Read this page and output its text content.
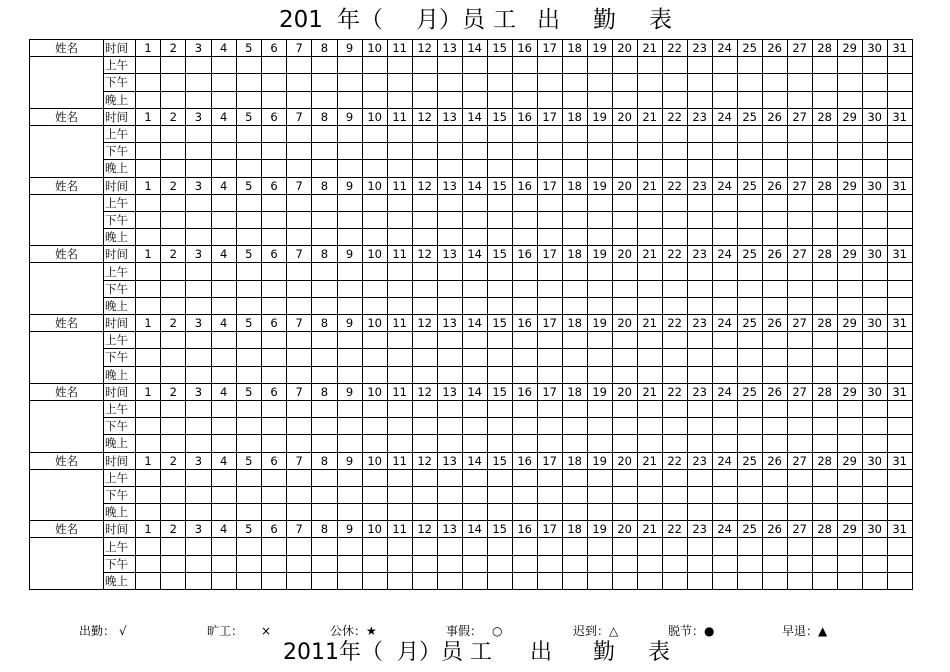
201 年（ 月）员 工 出 勤 表
姓名	时间	1	2	3	4	5	6	7	8	9	10	11	12	13	14	15	16	17	18	19	20	21	22	23	24	25	26	27	28	29	30	31
	上午																															
	下午																															
	晚上																															
姓名	时间	1	2	3	4	5	6	7	8	9	10	11	12	13	14	15	16	17	18	19	20	21	22	23	24	25	26	27	28	29	30	31
	上午																															
	下午																															
	晚上																															
姓名	时间	1	2	3	4	5	6	7	8	9	10	11	12	13	14	15	16	17	18	19	20	21	22	23	24	25	26	27	28	29	30	31
	上午																															
	下午																															
	晚上																															
姓名	时间	1	2	3	4	5	6	7	8	9	10	11	12	13	14	15	16	17	18	19	20	21	22	23	24	25	26	27	28	29	30	31
	上午																															
	下午																															
	晚上																															
姓名	时间	1	2	3	4	5	6	7	8	9	10	11	12	13	14	15	16	17	18	19	20	21	22	23	24	25	26	27	28	29	30	31
	上午																															
	下午																															
	晚上																															
姓名	时间	1	2	3	4	5	6	7	8	9	10	11	12	13	14	15	16	17	18	19	20	21	22	23	24	25	26	27	28	29	30	31
	上午																															
	下午																															
	晚上																															
姓名	时间	1	2	3	4	5	6	7	8	9	10	11	12	13	14	15	16	17	18	19	20	21	22	23	24	25	26	27	28	29	30	31
	上午																															
	下午																															
	晚上																															
姓名	时间	1	2	3	4	5	6	7	8	9	10	11	12	13	14	15	16	17	18	19	20	21	22	23	24	25	26	27	28	29	30	31
	上午																															
	下午																															
	晚上																															
出勤： √	旷工： ×	公休：★	事假： ○	迟到：△	脱节：●	早退：▲
2011年（ 月）员 工 出 勤 表
